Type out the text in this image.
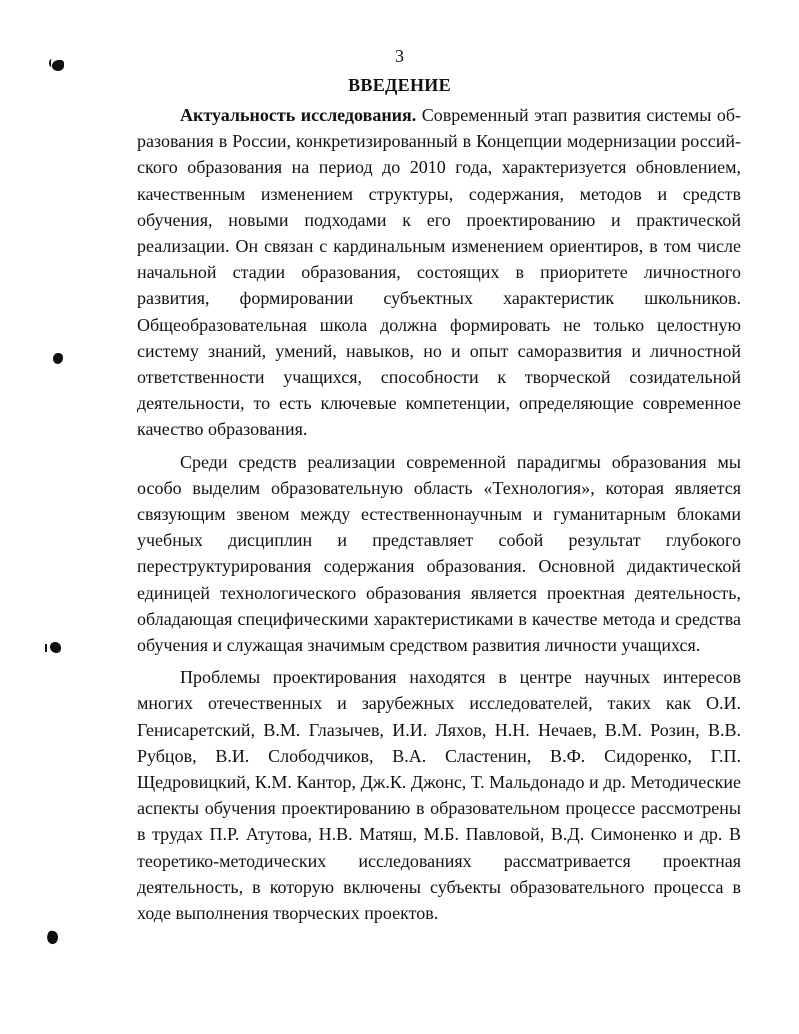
3
ВВЕДЕНИЕ

Актуальность исследования. Современный этап развития системы образования в России, конкретизированный в Концепции модернизации российского образования на период до 2010 года, характеризуется обновлением, качественным изменением структуры, содержания, методов и средств обучения, новыми подходами к его проектированию и практической реализации. Он связан с кардинальным изменением ориентиров, в том числе начальной стадии образования, состоящих в приоритете личностного развития, формировании субъектных характеристик школьников. Общеобразовательная школа должна формировать не только целостную систему знаний, умений, навыков, но и опыт саморазвития и личностной ответственности учащихся, способности к творческой созидательной деятельности, то есть ключевые компетенции, определяющие современное качество образования.

Среди средств реализации современной парадигмы образования мы особо выделим образовательную область «Технология», которая является связующим звеном между естественнонаучным и гуманитарным блоками учебных дисциплин и представляет собой результат глубокого переструктурирования содержания образования. Основной дидактической единицей технологического образования является проектная деятельность, обладающая специфическими характеристиками в качестве метода и средства обучения и служащая значимым средством развития личности учащихся.

Проблемы проектирования находятся в центре научных интересов многих отечественных и зарубежных исследователей, таких как О.И. Генисаретский, В.М. Глазычев, И.И. Ляхов, Н.Н. Нечаев, В.М. Розин, В.В. Рубцов, В.И. Слободчиков, В.А. Сластенин, В.Ф. Сидоренко, Г.П. Щедровицкий, К.М. Кантор, Дж.К. Джонс, Т. Мальдонадо и др. Методические аспекты обучения проектированию в образовательном процессе рассмотрены в трудах П.Р. Атутова, Н.В. Матяш, М.Б. Павловой, В.Д. Симоненко и др. В теоретико-методических исследованиях рассматривается проектная деятельность, в которую включены субъекты образовательного процесса в ходе выполнения творческих проектов.
